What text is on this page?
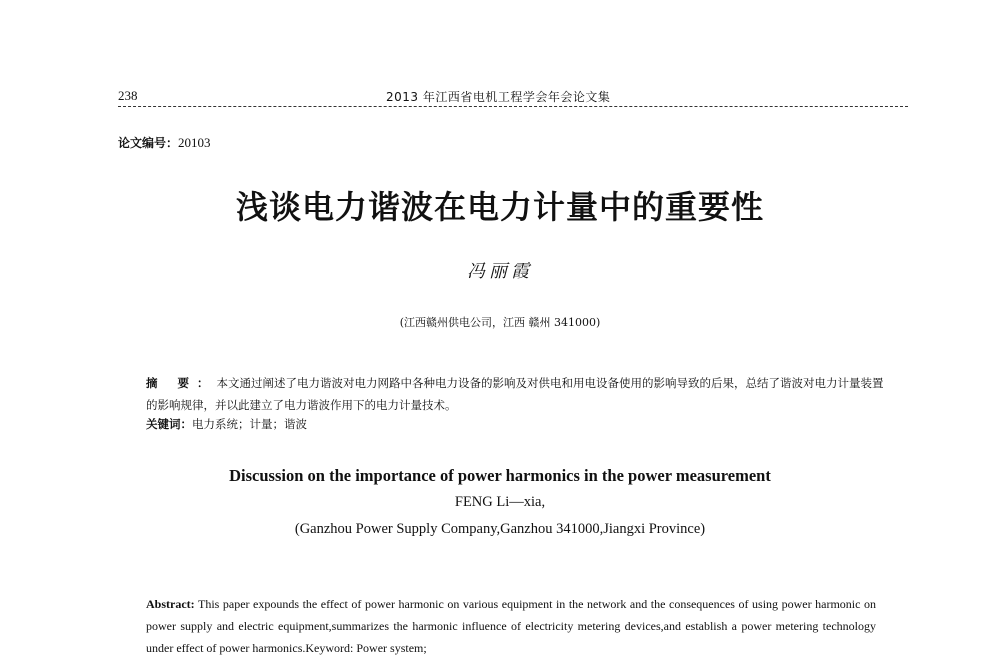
238	2013 年江西省电机工程学会年会论文集
论文编号：20103
浅谈电力谐波在电力计量中的重要性
冯丽霞
(江西赣州供电公司，江西 赣州 341000)
摘 要：本文通过阐述了电力谐波对电力网路中各种电力设备的影响及对供电和用电设备使用的影响导致的后果，总结了谐波对电力计量装置的影响规律，并以此建立了电力谐波作用下的电力计量技术。
关键词：电力系统；计量；谐波
Discussion on the importance of power harmonics in the power measurement
FENG Li—xia,
(Ganzhou Power Supply Company,Ganzhou 341000,Jiangxi Province)
Abstract: This paper expounds the effect of power harmonic on various equipment in the network and the consequences of using power harmonic on power supply and electric equipment,summarizes the harmonic influence of electricity metering devices,and establish a power metering technology under effect of power harmonics.Keyword: Power system;
